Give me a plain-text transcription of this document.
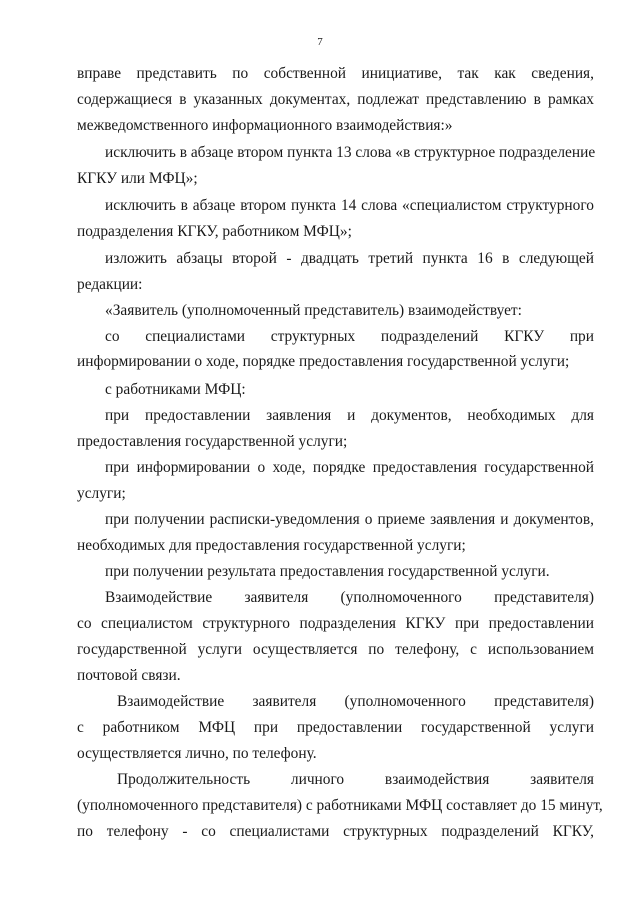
7
вправе представить по собственной инициативе, так как сведения,
содержащиеся в указанных документах, подлежат представлению в рамках
межведомственного информационного взаимодействия:»
исключить в абзаце втором пункта 13 слова «в структурное подразделение
КГКУ или МФЦ»;
исключить в абзаце втором пункта 14 слова «специалистом структурного
подразделения КГКУ, работником МФЦ»;
изложить абзацы второй - двадцать третий пункта 16 в следующей
редакции:
«Заявитель (уполномоченный представитель) взаимодействует:
со специалистами структурных подразделений КГКУ при
информировании о ходе, порядке предоставления государственной услуги;
с работниками МФЦ:
при предоставлении заявления и документов, необходимых для
предоставления государственной услуги;
при информировании о ходе, порядке предоставления государственной
услуги;
при получении расписки-уведомления о приеме заявления и документов,
необходимых для предоставления государственной услуги;
при получении результата предоставления государственной услуги.
Взаимодействие заявителя (уполномоченного представителя)
со специалистом структурного подразделения КГКУ при предоставлении
государственной услуги осуществляется по телефону, с использованием
почтовой связи.
Взаимодействие заявителя (уполномоченного представителя)
с работником МФЦ при предоставлении государственной услуги
осуществляется лично, по телефону.
Продолжительность личного взаимодействия заявителя
(уполномоченного представителя) с работниками МФЦ составляет до 15 минут,
по телефону - со специалистами структурных подразделений КГКУ,
